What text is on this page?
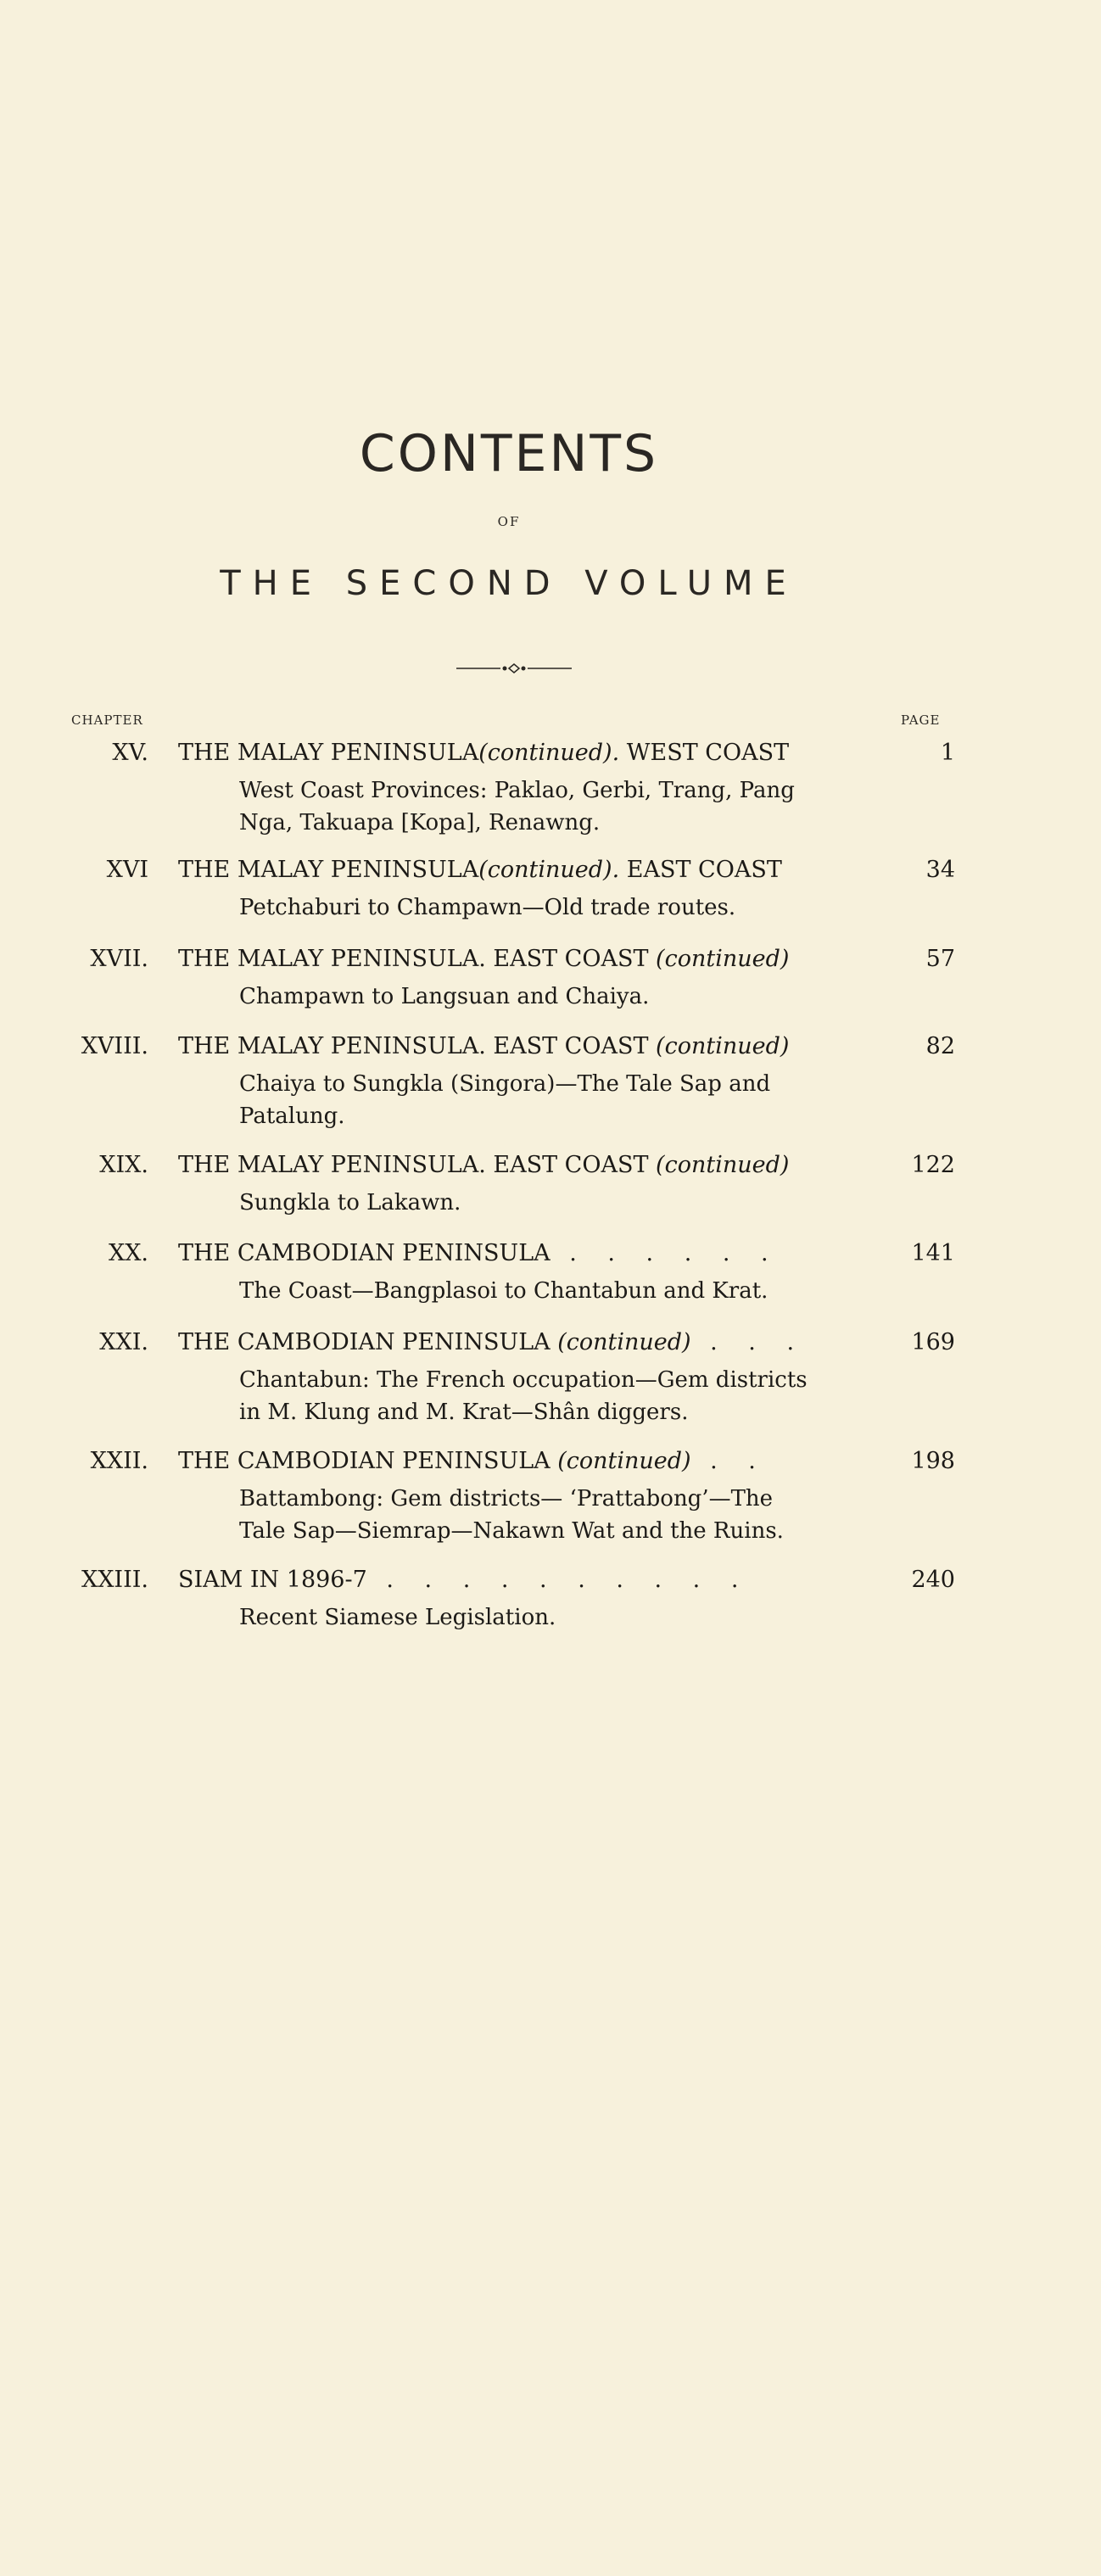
CONTENTS
OF
THE SECOND VOLUME
CHAPTER	PAGE
XV. THE MALAY PENINSULA(continued). WEST COAST	1
West Coast Provinces: Paklao, Gerbi, Trang, Pang
Nga, Takuapa [Kopa], Renawng.
XVI THE MALAY PENINSULA(continued). EAST COAST	34
Petchaburi to Champawn—Old trade routes.
XVII. THE MALAY PENINSULA. EAST COAST (continued)	57
Champawn to Langsuan and Chaiya.
XVIII. THE MALAY PENINSULA. EAST COAST (continued)	82
Chaiya to Sungkla (Singora)—The Tale Sap and
Patalung.
XIX. THE MALAY PENINSULA. EAST COAST (continued)	122
Sungkla to Lakawn.
XX. THE CAMBODIAN PENINSULA . . . . . .	141
The Coast—Bangplasoi to Chantabun and Krat.
XXI. THE CAMBODIAN PENINSULA (continued) . . .	169
Chantabun: The French occupation—Gem districts
in M. Klung and M. Krat—Shân diggers.
XXII. THE CAMBODIAN PENINSULA (continued) . .	198
Battambong: Gem districts— ‘Prattabong’—The
Tale Sap—Siemrap—Nakawn Wat and the Ruins.
XXIII. SIAM IN 1896-7 . . . . . . . . . .	240
Recent Siamese Legislation.
